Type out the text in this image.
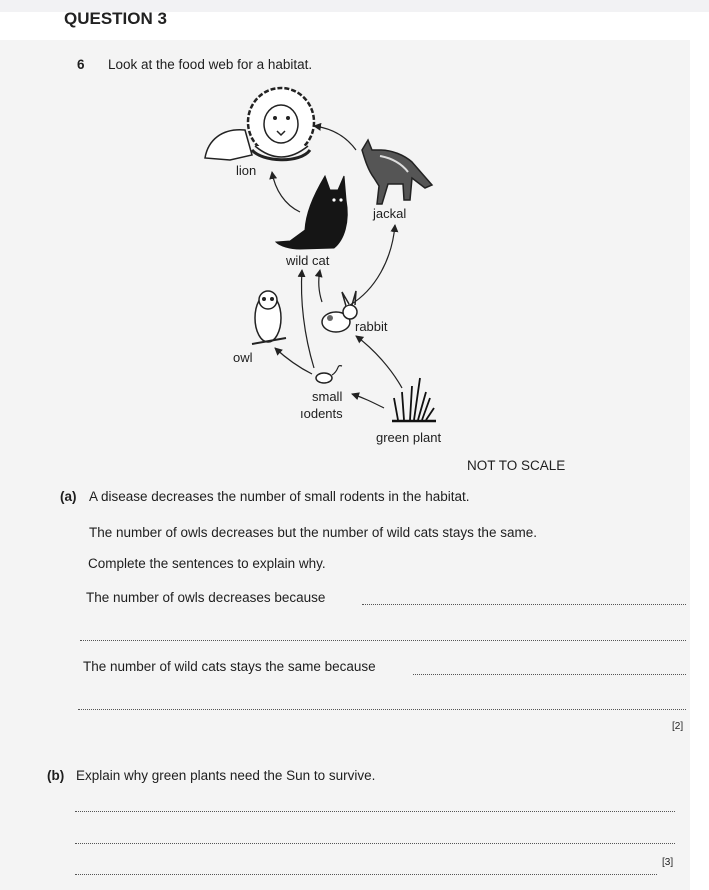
QUESTION 3
6 Look at the food web for a habitat.
lion
jackal
wild cat
rabbit
owl
small
ıodents
green plant
NOT TO SCALE
(a) A disease decreases the number of small rodents in the habitat.
The number of owls decreases but the number of wild cats stays the same.
Complete the sentences to explain why.
The number of owls decreases because
The number of wild cats stays the same because
[2]
(b) Explain why green plants need the Sun to survive.
[3]
